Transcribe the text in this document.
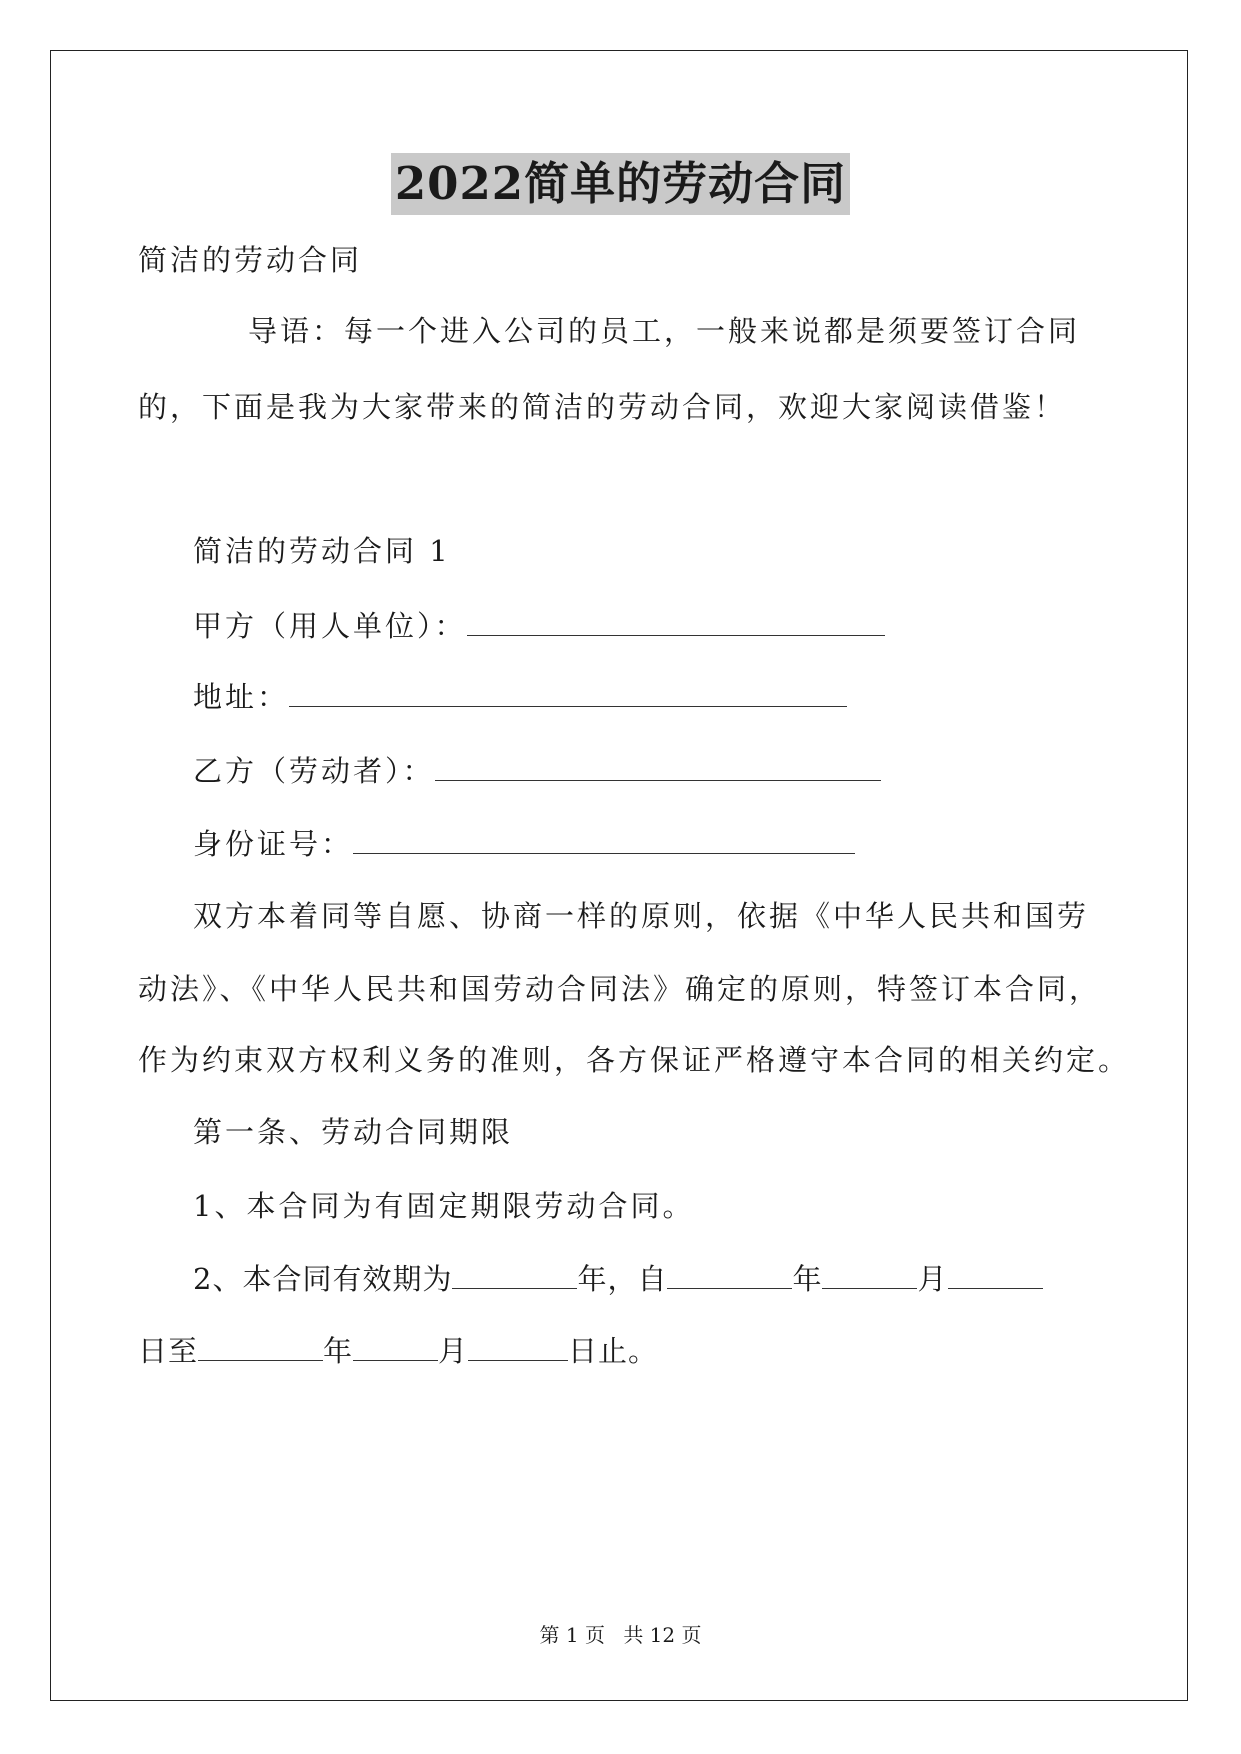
2022简单的劳动合同
简洁的劳动合同
导语：每一个进入公司的员工，一般来说都是须要签订合同
的，下面是我为大家带来的简洁的劳动合同，欢迎大家阅读借鉴！
简洁的劳动合同 1
甲方（用人单位）：
地址：
乙方（劳动者）：
身份证号：
双方本着同等自愿、协商一样的原则，依据《中华人民共和国劳
动法》、《中华人民共和国劳动合同法》确定的原则，特签订本合同，
作为约束双方权利义务的准则，各方保证严格遵守本合同的相关约定。
第一条、劳动合同期限
1、本合同为有固定期限劳动合同。
2、本合同有效期为	年，自	年	月
日至	年	月	日止。
第 1 页 共 12 页
